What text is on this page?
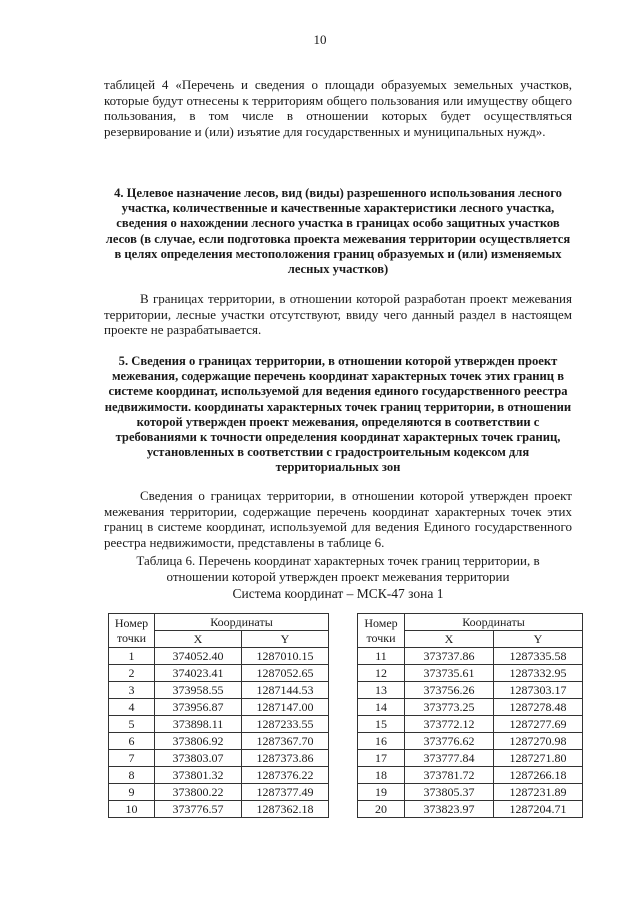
10
таблицей 4 «Перечень и сведения о площади образуемых земельных участков, которые будут отнесены к территориям общего пользования или имуществу общего пользования, в том числе в отношении которых будет осуществляться резервирование и (или) изъятие для государственных и муниципальных нужд».
4. Целевое назначение лесов, вид (виды) разрешенного использования лесного участка, количественные и качественные характеристики лесного участка, сведения о нахождении лесного участка в границах особо защитных участков лесов (в случае, если подготовка проекта межевания территории осуществляется в целях определения местоположения границ образуемых и (или) изменяемых лесных участков)
В границах территории, в отношении которой разработан проект межевания территории, лесные участки отсутствуют, ввиду чего данный раздел в настоящем проекте не разрабатывается.
5. Сведения о границах территории, в отношении которой утвержден проект межевания, содержащие перечень координат характерных точек этих границ в системе координат, используемой для ведения единого государственного реестра недвижимости. координаты характерных точек границ территории, в отношении которой утвержден проект межевания, определяются в соответствии с требованиями к точности определения координат характерных точек границ, установленных в соответствии с градостроительным кодексом для территориальных зон
Сведения о границах территории, в отношении которой утвержден проект межевания территории, содержащие перечень координат характерных точек этих границ в системе координат, используемой для ведения Единого государственного реестра недвижимости, представлены в таблице 6.
Таблица 6. Перечень координат характерных точек границ территории, в отношении которой утвержден проект межевания территории
Система координат – МСК-47 зона 1
Номер точки	Координаты	
	X	Y
1	374052.40	1287010.15
2	374023.41	1287052.65
3	373958.55	1287144.53
4	373956.87	1287147.00
5	373898.11	1287233.55
6	373806.92	1287367.70
7	373803.07	1287373.86
8	373801.32	1287376.22
9	373800.22	1287377.49
10	373776.57	1287362.18
Номер точки	Координаты	
	X	Y
11	373737.86	1287335.58
12	373735.61	1287332.95
13	373756.26	1287303.17
14	373773.25	1287278.48
15	373772.12	1287277.69
16	373776.62	1287270.98
17	373777.84	1287271.80
18	373781.72	1287266.18
19	373805.37	1287231.89
20	373823.97	1287204.71
